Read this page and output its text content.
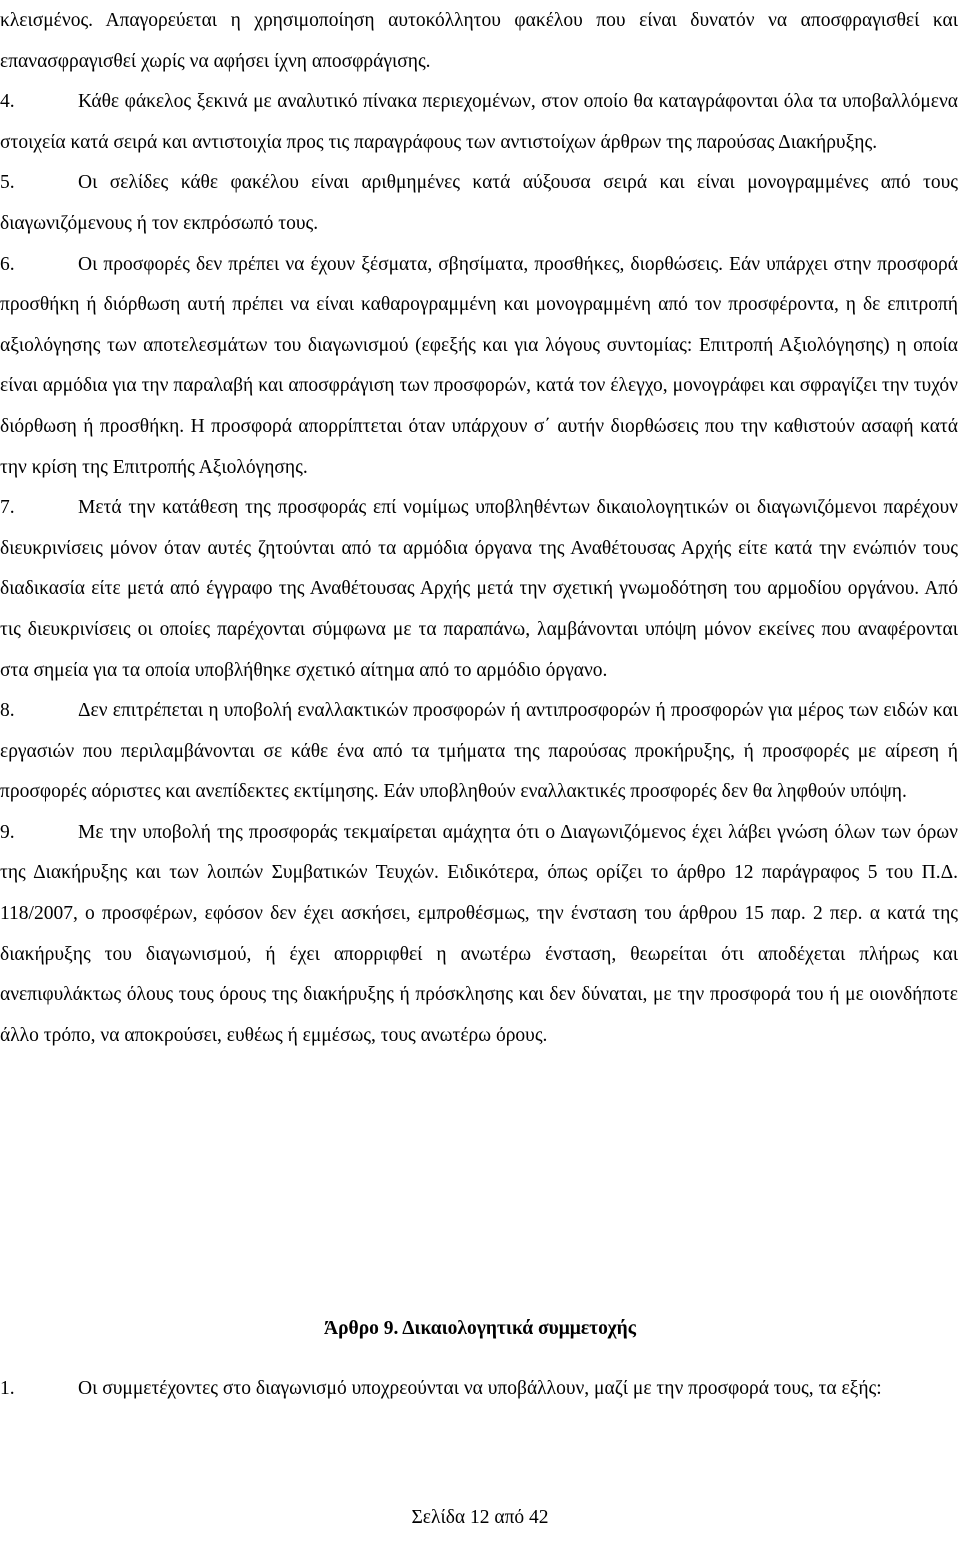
κλεισμένος. Απαγορεύεται η χρησιμοποίηση αυτοκόλλητου φακέλου που είναι δυνατόν να αποσφραγισθεί και επανασφραγισθεί χωρίς να αφήσει ίχνη αποσφράγισης.

4.	Κάθε φάκελος ξεκινά με αναλυτικό πίνακα περιεχομένων, στον οποίο θα καταγράφονται όλα τα υποβαλλόμενα στοιχεία κατά σειρά και αντιστοιχία προς τις παραγράφους των αντιστοίχων άρθρων της παρούσας Διακήρυξης.

5.	Οι σελίδες κάθε φακέλου είναι αριθμημένες κατά αύξουσα σειρά και είναι μονογραμμένες από τους διαγωνιζόμενους ή τον εκπρόσωπό τους.

6.	Οι προσφορές δεν πρέπει να έχουν ξέσματα, σβησίματα, προσθήκες, διορθώσεις. Εάν υπάρχει στην προσφορά προσθήκη ή διόρθωση αυτή πρέπει να είναι καθαρογραμμένη και μονογραμμένη από τον προσφέροντα, η δε επιτροπή αξιολόγησης των αποτελεσμάτων του διαγωνισμού (εφεξής και για λόγους συντομίας: Επιτροπή Αξιολόγησης) η οποία είναι αρμόδια για την παραλαβή και αποσφράγιση των προσφορών, κατά τον έλεγχο, μονογράφει και σφραγίζει την τυχόν διόρθωση ή προσθήκη. Η προσφορά απορρίπτεται όταν υπάρχουν σ΄ αυτήν διορθώσεις που την καθιστούν ασαφή κατά την κρίση της Επιτροπής Αξιολόγησης.

7.	Μετά την κατάθεση της προσφοράς επί νομίμως υποβληθέντων δικαιολογητικών οι διαγωνιζόμενοι παρέχουν διευκρινίσεις μόνον όταν αυτές ζητούνται από τα αρμόδια όργανα της Αναθέτουσας Αρχής είτε κατά την ενώπιόν τους διαδικασία είτε μετά από έγγραφο της Αναθέτουσας Αρχής μετά την σχετική γνωμοδότηση του αρμοδίου οργάνου. Από τις διευκρινίσεις οι οποίες παρέχονται σύμφωνα με τα παραπάνω, λαμβάνονται υπόψη μόνον εκείνες που αναφέρονται στα σημεία για τα οποία υποβλήθηκε σχετικό αίτημα από το αρμόδιο όργανο.

8.	Δεν επιτρέπεται η υποβολή εναλλακτικών προσφορών ή αντιπροσφορών ή προσφορών για μέρος των ειδών και εργασιών που περιλαμβάνονται σε κάθε ένα από τα τμήματα της παρούσας προκήρυξης, ή προσφορές με αίρεση ή προσφορές αόριστες και ανεπίδεκτες εκτίμησης. Εάν υποβληθούν εναλλακτικές προσφορές δεν θα ληφθούν υπόψη.

9.	Με την υποβολή της προσφοράς τεκμαίρεται αμάχητα ότι ο Διαγωνιζόμενος έχει λάβει γνώση όλων των όρων της Διακήρυξης και των λοιπών Συμβατικών Τευχών. Ειδικότερα, όπως ορίζει το άρθρο 12 παράγραφος 5 του Π.Δ. 118/2007, ο προσφέρων, εφόσον δεν έχει ασκήσει, εμπροθέσμως, την ένσταση του άρθρου 15 παρ. 2 περ. α κατά της διακήρυξης του διαγωνισμού, ή έχει απορριφθεί η ανωτέρω ένσταση, θεωρείται ότι αποδέχεται πλήρως και ανεπιφυλάκτως όλους τους όρους της διακήρυξης ή πρόσκλησης και δεν δύναται, με την προσφορά του ή με οιονδήποτε άλλο τρόπο, να αποκρούσει, ευθέως ή εμμέσως, τους ανωτέρω όρους.

Άρθρο 9. Δικαιολογητικά συμμετοχής

1.	Οι συμμετέχοντες στο διαγωνισμό υποχρεούνται να υποβάλλουν, μαζί με την προσφορά τους, τα εξής:

Σελίδα 12 από 42
